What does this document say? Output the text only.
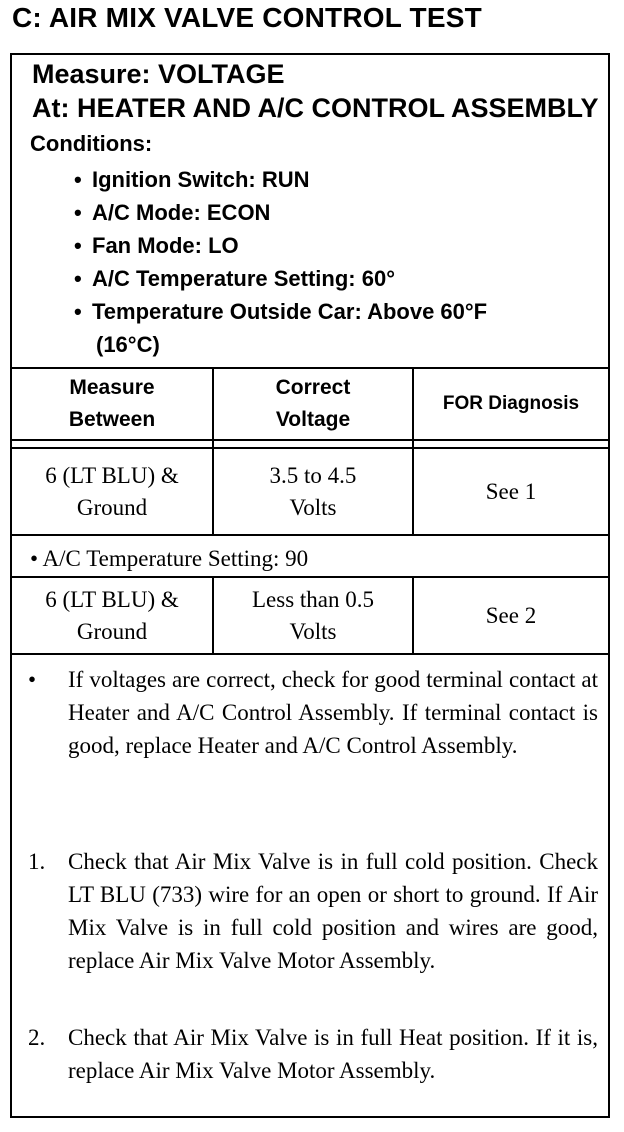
C: AIR MIX VALVE CONTROL TEST
Measure: VOLTAGE
At: HEATER AND A/C CONTROL ASSEMBLY
Conditions:
• Ignition Switch: RUN
• A/C Mode: ECON
• Fan Mode: LO
• A/C Temperature Setting: 60°
• Temperature Outside Car: Above 60°F
(16°C)
Measure
Between
Correct
Voltage
FOR Diagnosis
6 (LT BLU) &
Ground
3.5 to 4.5
Volts
See 1
• A/C Temperature Setting: 90
6 (LT BLU) &
Ground
Less than 0.5
Volts
See 2
•	If voltages are correct, check for good terminal contact at Heater and A/C Control Assembly. If terminal contact is good, replace Heater and A/C Control Assembly.
1. Check that Air Mix Valve is in full cold position. Check LT BLU (733) wire for an open or short to ground. If Air Mix Valve is in full cold position and wires are good, replace Air Mix Valve Motor Assembly.
2. Check that Air Mix Valve is in full Heat position. If it is, replace Air Mix Valve Motor Assembly.
